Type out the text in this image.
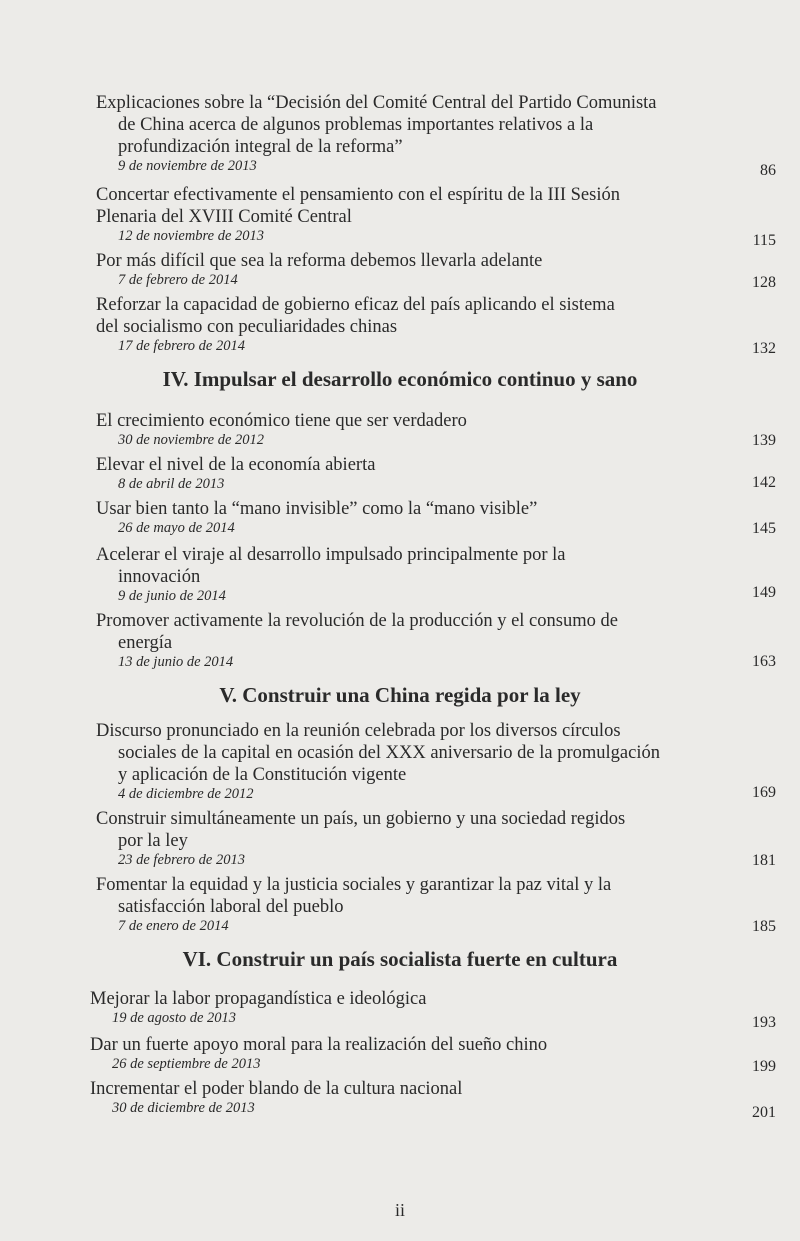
Explicaciones sobre la “Decisión del Comité Central del Partido Comunista
de China acerca de algunos problemas importantes relativos a la
profundización integral de la reforma”
9 de noviembre de 2013	86
Concertar efectivamente el pensamiento con el espíritu de la III Sesión
Plenaria del XVIII Comité Central
12 de noviembre de 2013	115
Por más difícil que sea la reforma debemos llevarla adelante
7 de febrero de 2014	128
Reforzar la capacidad de gobierno eficaz del país aplicando el sistema
del socialismo con peculiaridades chinas
17 de febrero de 2014	132
IV. Impulsar el desarrollo económico continuo y sano
El crecimiento económico tiene que ser verdadero
30 de noviembre de 2012	139
Elevar el nivel de la economía abierta
8 de abril de 2013	142
Usar bien tanto la “mano invisible” como la “mano visible”
26 de mayo de 2014	145
Acelerar el viraje al desarrollo impulsado principalmente por la
innovación
9 de junio de 2014	149
Promover activamente la revolución de la producción y el consumo de
energía
13 de junio de 2014	163
V. Construir una China regida por la ley
Discurso pronunciado en la reunión celebrada por los diversos círculos
sociales de la capital en ocasión del XXX aniversario de la promulgación
y aplicación de la Constitución vigente
4 de diciembre de 2012	169
Construir simultáneamente un país, un gobierno y una sociedad regidos
por la ley
23 de febrero de 2013	181
Fomentar la equidad y la justicia sociales y garantizar la paz vital y la
satisfacción laboral del pueblo
7 de enero de 2014	185
VI. Construir un país socialista fuerte en cultura
Mejorar la labor propagandística e ideológica
19 de agosto de 2013	193
Dar un fuerte apoyo moral para la realización del sueño chino
26 de septiembre de 2013	199
Incrementar el poder blando de la cultura nacional
30 de diciembre de 2013	201
ii
